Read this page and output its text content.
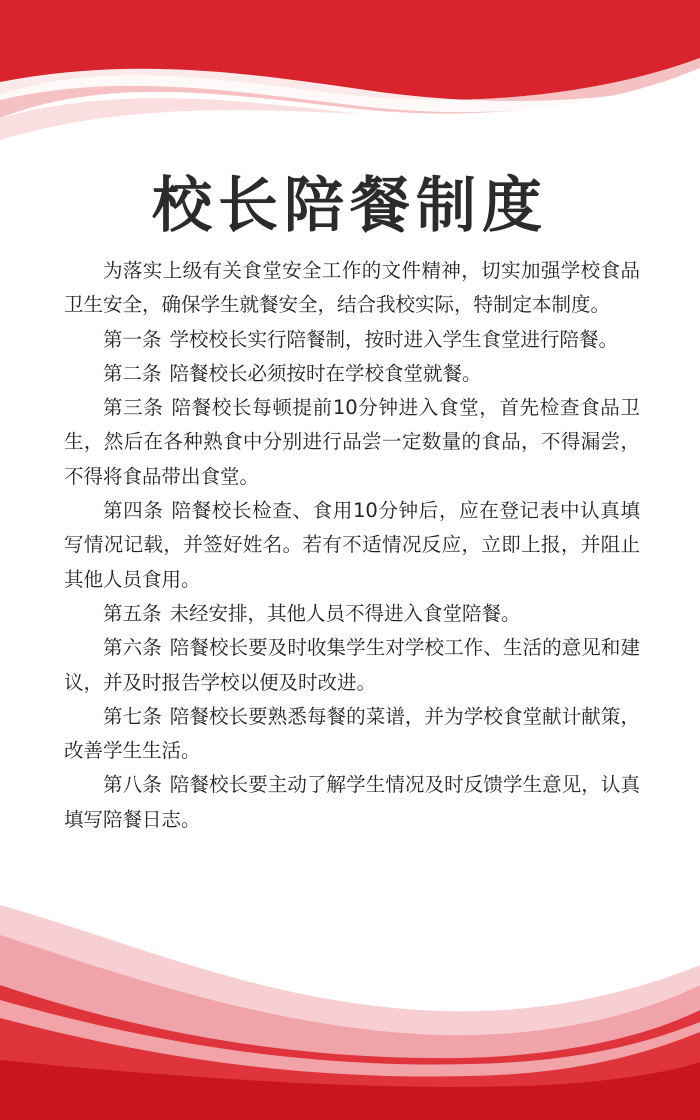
校长陪餐制度

为落实上级有关食堂安全工作的文件精神，切实加强学校食品卫生安全，确保学生就餐安全，结合我校实际，特制定本制度。

第一条 学校校长实行陪餐制，按时进入学生食堂进行陪餐。

第二条 陪餐校长必须按时在学校食堂就餐。

第三条 陪餐校长每顿提前10分钟进入食堂，首先检查食品卫生，然后在各种熟食中分别进行品尝一定数量的食品，不得漏尝，不得将食品带出食堂。

第四条 陪餐校长检查、食用10分钟后，应在登记表中认真填写情况记载，并签好姓名。若有不适情况反应，立即上报，并阻止其他人员食用。

第五条 未经安排，其他人员不得进入食堂陪餐。

第六条 陪餐校长要及时收集学生对学校工作、生活的意见和建议，并及时报告学校以便及时改进。

第七条 陪餐校长要熟悉每餐的菜谱，并为学校食堂献计献策，改善学生生活。

第八条 陪餐校长要主动了解学生情况及时反馈学生意见，认真填写陪餐日志。
